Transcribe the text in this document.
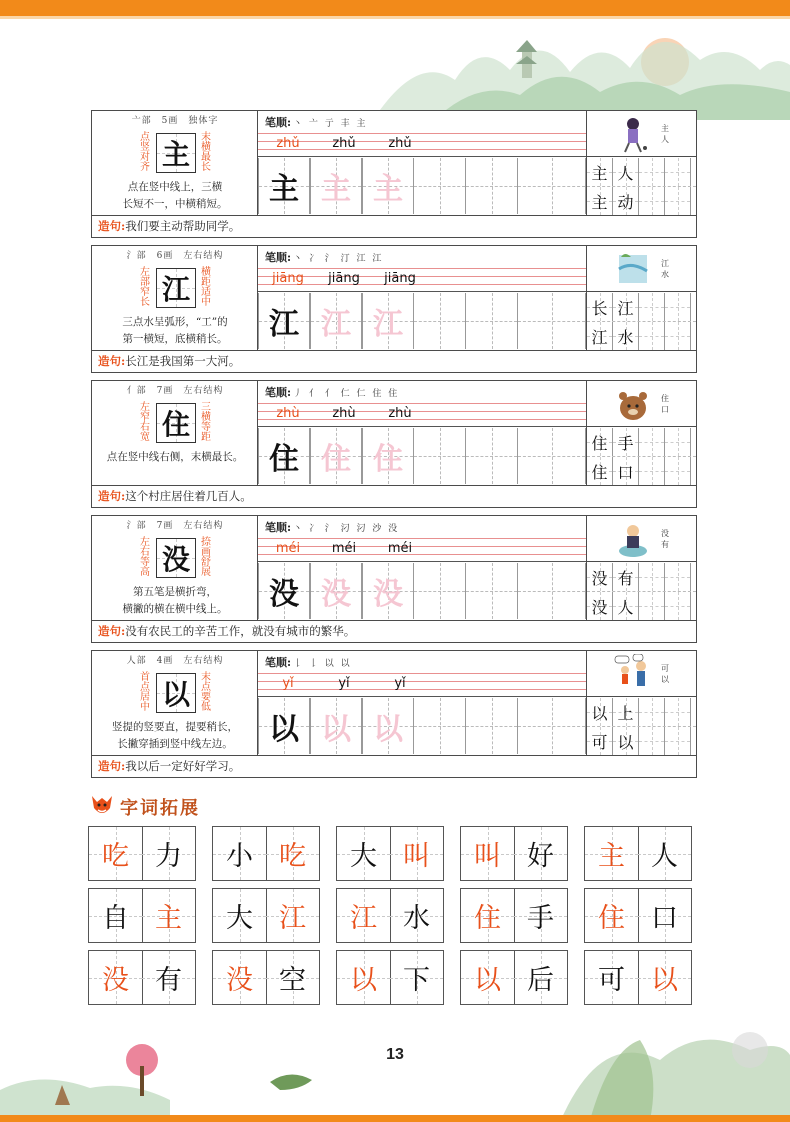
亠部　5画　独体字
点竖对齐 主
末横最长
点在竖中线上，三横
长短不一，中横稍短。
笔顺: 丶 亠 亍 丰 主
zhǔ	zhǔ	zhǔ
主 主 主
主人
主 人
主 动
造句:我们要主动帮助同学。
氵部　6画　左右结构
左部窄长 江
横距适中
三点水呈弧形，“工”的
第一横短，底横稍长。
笔顺: 丶 冫 氵 汀 江 江
jiāng	jiāng	jiāng
江 江 江
江水
长 江
江 水
造句:长江是我国第一大河。
亻部　7画　左右结构
左窄右宽 住
三横等距
点在竖中线右侧，末横最长。
笔顺: 丿 亻 亻 仁 仁 住 住
zhù	zhù	zhù
住 住 住
住口
住 手
住 口
造句:这个村庄居住着几百人。
氵部　7画　左右结构
左右等高 没
捺画舒展
第五笔是横折弯，
横撇的横在横中线上。
笔顺: 丶 冫 氵 汈 汈 沙 没
méi	méi	méi
没 没 没
没有
没 有
没 人
造句:没有农民工的辛苦工作，就没有城市的繁华。
人部　4画　左右结构
首点居中 以
末点要低
竖提的竖要直，提要稍长，
长撇穿插到竖中线左边。
笔顺: 𠄌 𠄌 以 以
yǐ	yǐ	yǐ
以 以 以
可以
以 上
可 以
造句:我以后一定好好学习。
字词拓展
吃 力 小 吃 大 叫 叫 好 主 人
自 主 大 江 江 水 住 手 住 口
没 有 没 空 以 下 以 后 可 以
13
